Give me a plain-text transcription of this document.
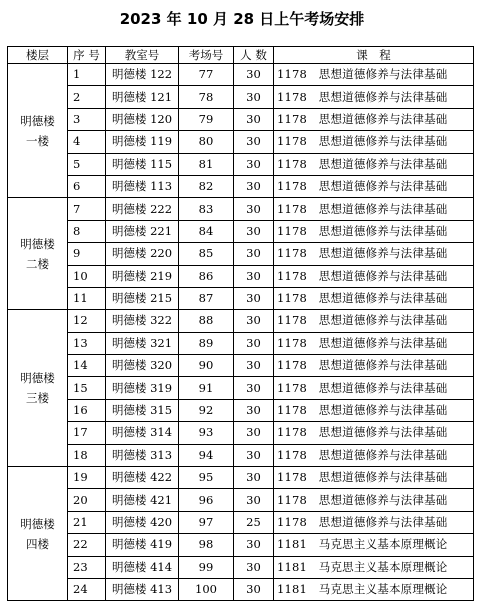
2023 年 10 月 28 日上午考场安排
楼层	序 号	教室号	考场号	人 数	课　程

明德楼
一楼	1	明德楼 122	77	30	1178　思想道德修养与法律基础
	2	明德楼 121	78	30	1178　思想道德修养与法律基础
	3	明德楼 120	79	30	1178　思想道德修养与法律基础
	4	明德楼 119	80	30	1178　思想道德修养与法律基础
	5	明德楼 115	81	30	1178　思想道德修养与法律基础
	6	明德楼 113	82	30	1178　思想道德修养与法律基础

明德楼
二楼	7	明德楼 222	83	30	1178　思想道德修养与法律基础
	8	明德楼 221	84	30	1178　思想道德修养与法律基础
	9	明德楼 220	85	30	1178　思想道德修养与法律基础
	10	明德楼 219	86	30	1178　思想道德修养与法律基础
	11	明德楼 215	87	30	1178　思想道德修养与法律基础

明德楼
三楼	12	明德楼 322	88	30	1178　思想道德修养与法律基础
	13	明德楼 321	89	30	1178　思想道德修养与法律基础
	14	明德楼 320	90	30	1178　思想道德修养与法律基础
	15	明德楼 319	91	30	1178　思想道德修养与法律基础
	16	明德楼 315	92	30	1178　思想道德修养与法律基础
	17	明德楼 314	93	30	1178　思想道德修养与法律基础
	18	明德楼 313	94	30	1178　思想道德修养与法律基础

明德楼
四楼	19	明德楼 422	95	30	1178　思想道德修养与法律基础
	20	明德楼 421	96	30	1178　思想道德修养与法律基础
	21	明德楼 420	97	25	1178　思想道德修养与法律基础
	22	明德楼 419	98	30	1181　马克思主义基本原理概论
	23	明德楼 414	99	30	1181　马克思主义基本原理概论
	24	明德楼 413	100	30	1181　马克思主义基本原理概论
